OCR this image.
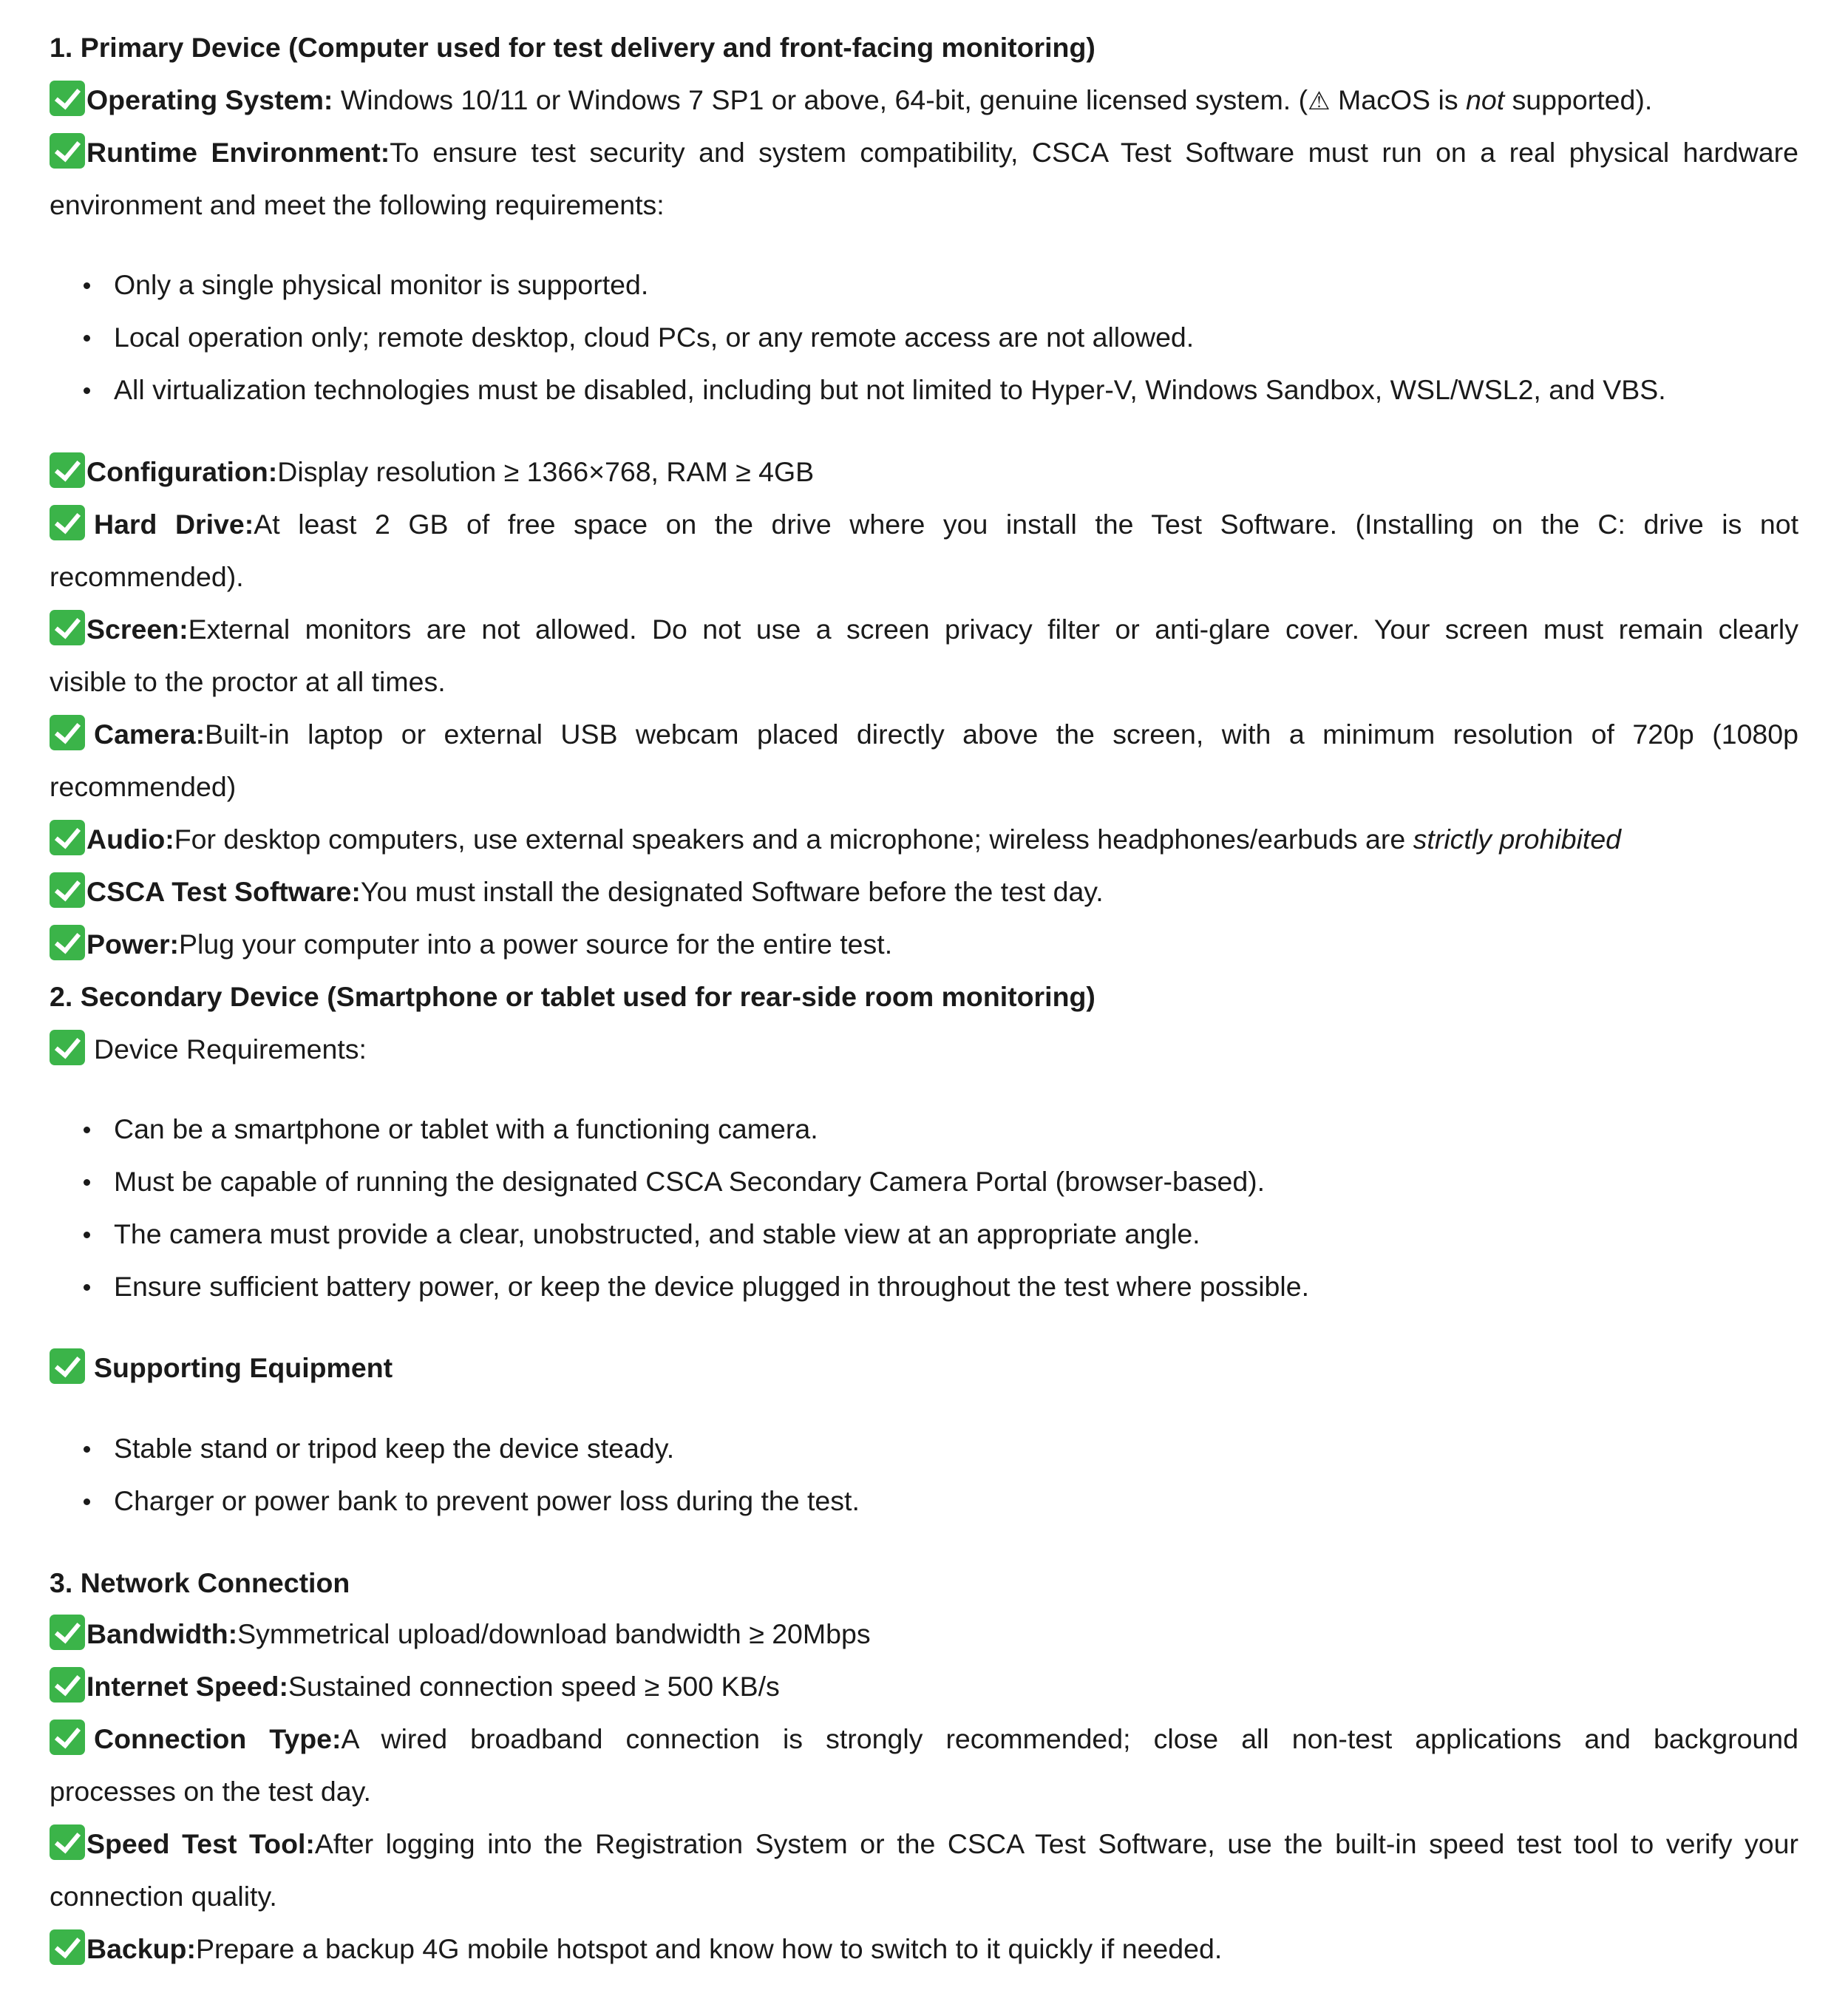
1. Primary Device (Computer used for test delivery and front-facing monitoring)
Operating System: Windows 10/11 or Windows 7 SP1 or above, 64-bit, genuine licensed system. (⚠ MacOS is not supported).
Runtime Environment:To ensure test security and system compatibility, CSCA Test Software must run on a real physical hardware
environment and meet the following requirements:
Only a single physical monitor is supported.
Local operation only; remote desktop, cloud PCs, or any remote access are not allowed.
All virtualization technologies must be disabled, including but not limited to Hyper-V, Windows Sandbox, WSL/WSL2, and VBS.
Configuration:Display resolution ≥ 1366×768, RAM ≥ 4GB
Hard Drive:At least 2 GB of free space on the drive where you install the Test Software. (Installing on the C: drive is not
recommended).
Screen:External monitors are not allowed. Do not use a screen privacy filter or anti-glare cover. Your screen must remain clearly
visible to the proctor at all times.
Camera:Built-in laptop or external USB webcam placed directly above the screen, with a minimum resolution of 720p (1080p
recommended)
Audio:For desktop computers, use external speakers and a microphone; wireless headphones/earbuds are strictly prohibited
CSCA Test Software:You must install the designated Software before the test day.
Power:Plug your computer into a power source for the entire test.
2. Secondary Device (Smartphone or tablet used for rear-side room monitoring)
Device Requirements:
Can be a smartphone or tablet with a functioning camera.
Must be capable of running the designated CSCA Secondary Camera Portal (browser-based).
The camera must provide a clear, unobstructed, and stable view at an appropriate angle.
Ensure sufficient battery power, or keep the device plugged in throughout the test where possible.
Supporting Equipment
Stable stand or tripod keep the device steady.
Charger or power bank to prevent power loss during the test.
3. Network Connection
Bandwidth:Symmetrical upload/download bandwidth ≥ 20Mbps
Internet Speed:Sustained connection speed ≥ 500 KB/s
Connection Type:A wired broadband connection is strongly recommended; close all non-test applications and background
processes on the test day.
Speed Test Tool:After logging into the Registration System or the CSCA Test Software, use the built-in speed test tool to verify your
connection quality.
Backup:Prepare a backup 4G mobile hotspot and know how to switch to it quickly if needed.
